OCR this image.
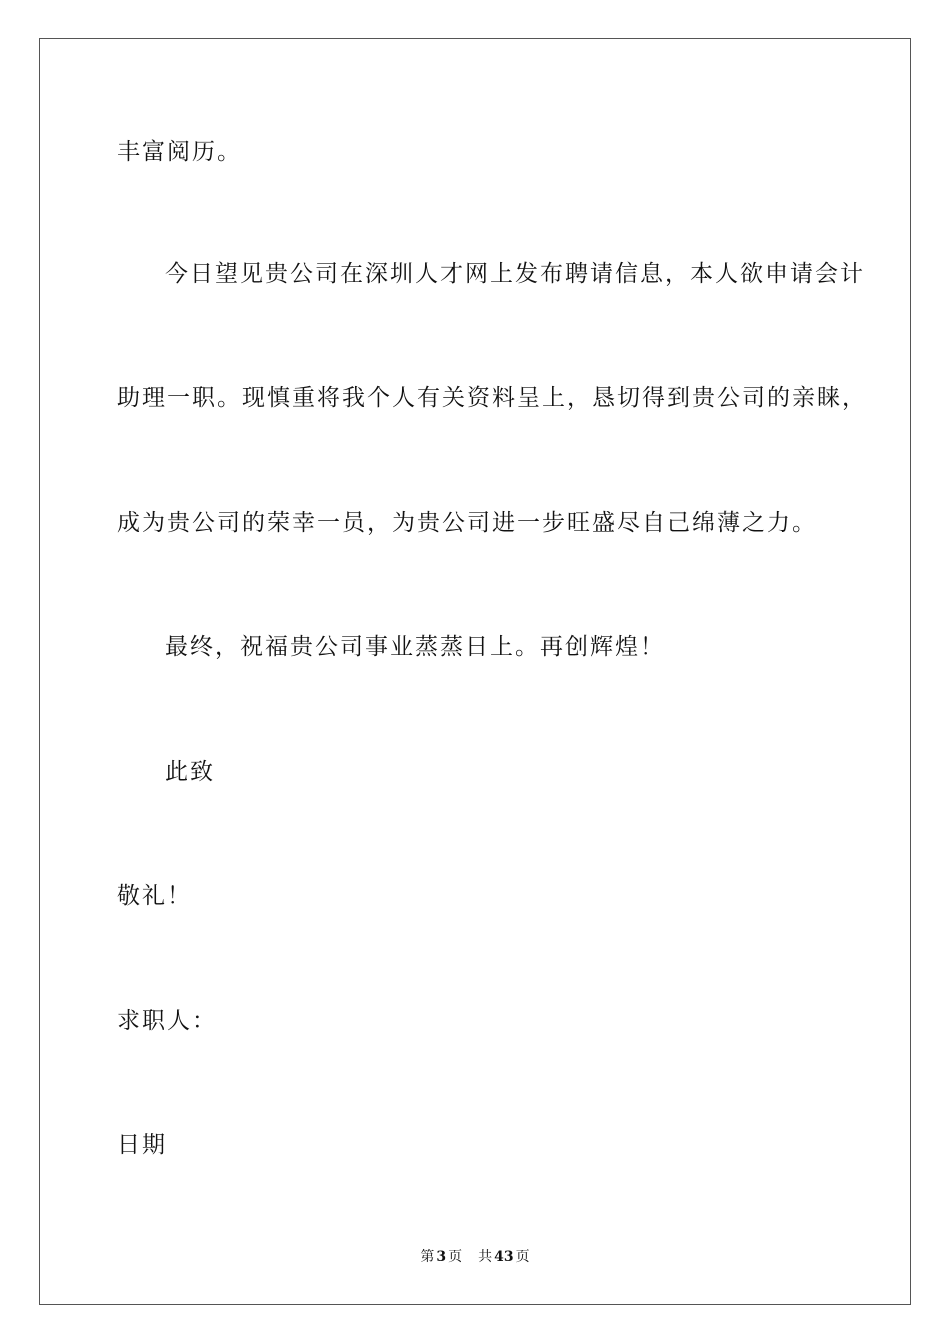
丰富阅历。
今日望见贵公司在深圳人才网上发布聘请信息，本人欲申请会计
助理一职。现慎重将我个人有关资料呈上，恳切得到贵公司的亲睐，
成为贵公司的荣幸一员，为贵公司进一步旺盛尽自己绵薄之力。
最终，祝福贵公司事业蒸蒸日上。再创辉煌！
此致
敬礼！
求职人：
日期
第 3 页 共 43 页
